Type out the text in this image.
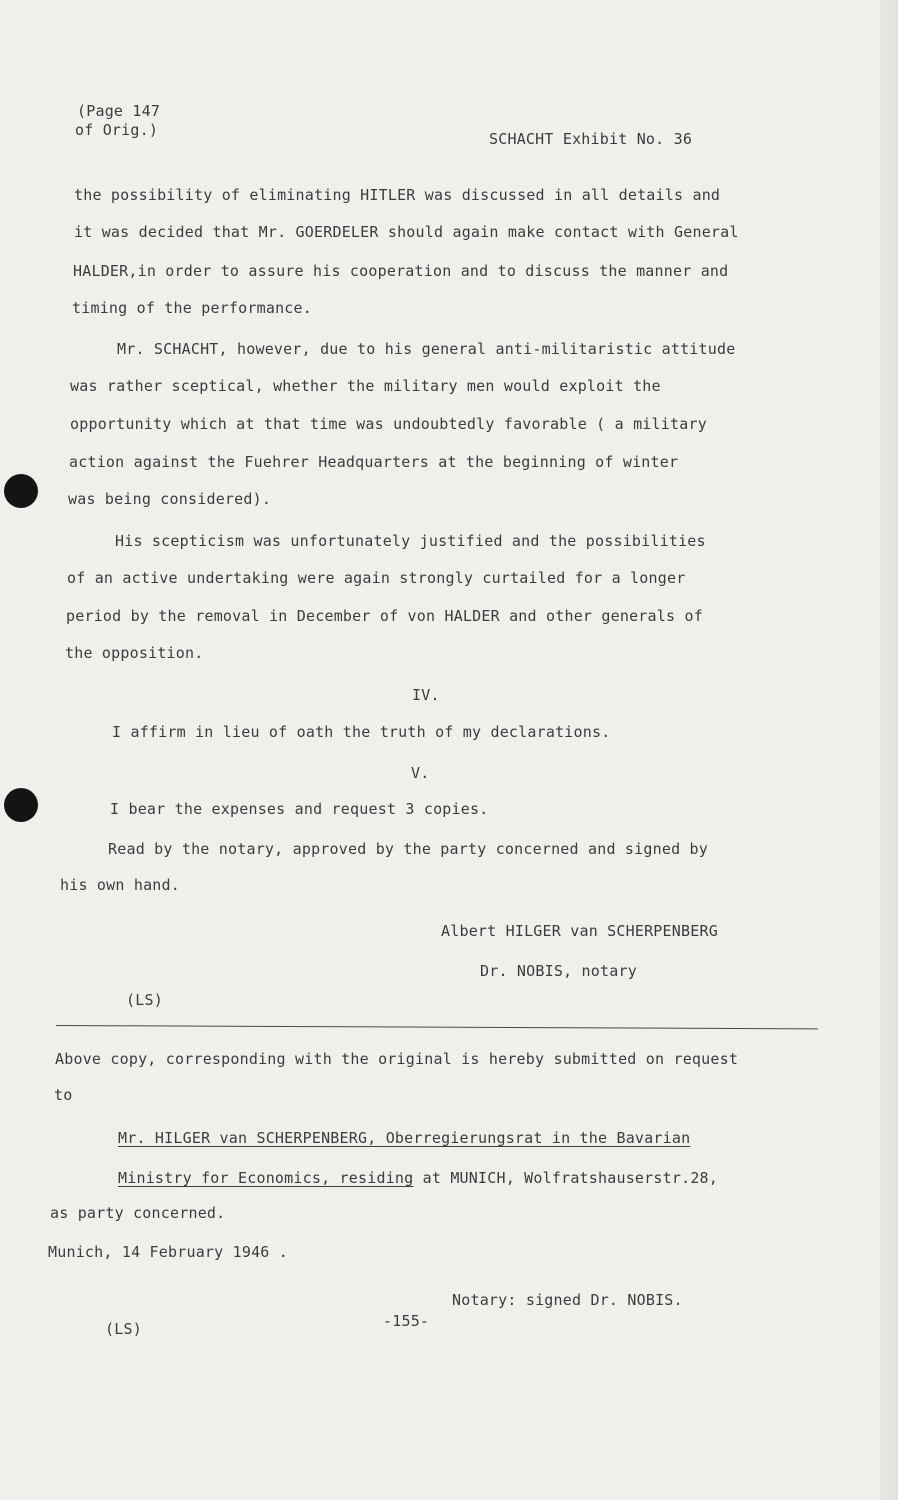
(Page 147
of Orig.)	SCHACHT Exhibit No. 36
the possibility of eliminating HITLER was discussed in all details and
it was decided that Mr. GOERDELER should again make contact with General
HALDER,in order to assure his cooperation and to discuss the manner and
timing of the performance.
Mr. SCHACHT, however, due to his general anti-militaristic attitude
was rather sceptical, whether the military men would exploit the
opportunity which at that time was undoubtedly favorable ( a military
action against the Fuehrer Headquarters at the beginning of winter
was being considered).
His scepticism was unfortunately justified and the possibilities
of an active undertaking were again strongly curtailed for a longer
period by the removal in December of von HALDER and other generals of
the opposition.
IV.
I affirm in lieu of oath the truth of my declarations.
V.
I bear the expenses and request 3 copies.
Read by the notary, approved by the party concerned and signed by
his own hand.
Albert HILGER van SCHERPENBERG
Dr. NOBIS, notary
(LS)
Above copy, corresponding with the original is hereby submitted on request
to
Mr. HILGER van SCHERPENBERG, Oberregierungsrat in the Bavarian
Ministry for Economics, residing at MUNICH, Wolfratshauserstr.28,
as party concerned.
Munich, 14 February 1946 .
Notary: signed Dr. NOBIS.
(LS)	-155-
